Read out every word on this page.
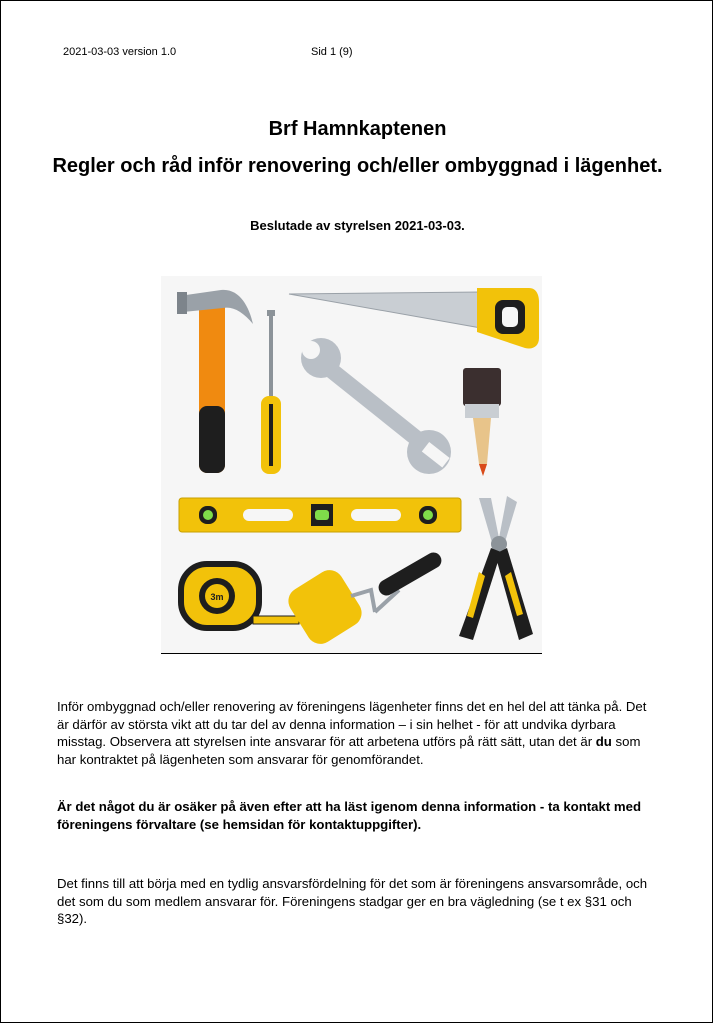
2021-03-03 version 1.0	Sid 1 (9)
Brf Hamnkaptenen
Regler och råd inför renovering och/eller ombyggnad i lägenhet.
Beslutade av styrelsen 2021-03-03.
3m
Inför ombyggnad och/eller renovering av föreningens lägenheter finns det en hel del att tänka på. Det är därför av största vikt att du tar del av denna information – i sin helhet - för att undvika dyrbara misstag. Observera att styrelsen inte ansvarar för att arbetena utförs på rätt sätt, utan det är du som har kontraktet på lägenheten som ansvarar för genomförandet.
Är det något du är osäker på även efter att ha läst igenom denna information - ta kontakt med föreningens förvaltare (se hemsidan för kontaktuppgifter).
Det finns till att börja med en tydlig ansvarsfördelning för det som är föreningens ansvarsområde, och det som du som medlem ansvarar för. Föreningens stadgar ger en bra vägledning (se t ex §31 och §32).
